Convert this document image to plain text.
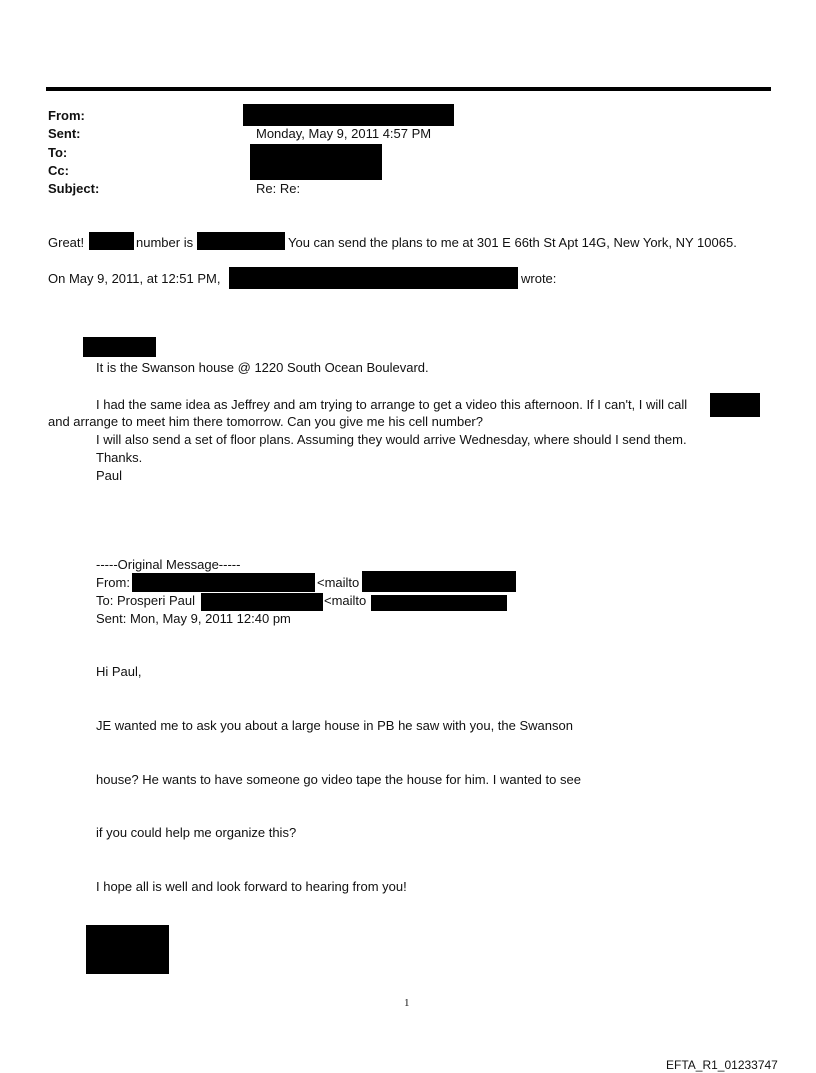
From:
Sent:	Monday, May 9, 2011 4:57 PM
To:
Cc:
Subject:	Re: Re:
Great!	number is	You can send the plans to me at 301 E 66th St Apt 14G, New York, NY 10065.
On May 9, 2011, at 12:51 PM,	wrote:
It is the Swanson house @ 1220 South Ocean Boulevard.
I had the same idea as Jeffrey and am trying to arrange to get a video this afternoon. If I can't, I will call
and arrange to meet him there tomorrow. Can you give me his cell number?
I will also send a set of floor plans. Assuming they would arrive Wednesday, where should I send them.
Thanks.
Paul
-----Original Message-----
From:	<mailto
To: Prosperi Paul	<mailto
Sent: Mon, May 9, 2011 12:40 pm
Hi Paul,
JE wanted me to ask you about a large house in PB he saw with you, the Swanson
house? He wants to have someone go video tape the house for him. I wanted to see
if you could help me organize this?
I hope all is well and look forward to hearing from you!
1
EFTA_R1_01233747
